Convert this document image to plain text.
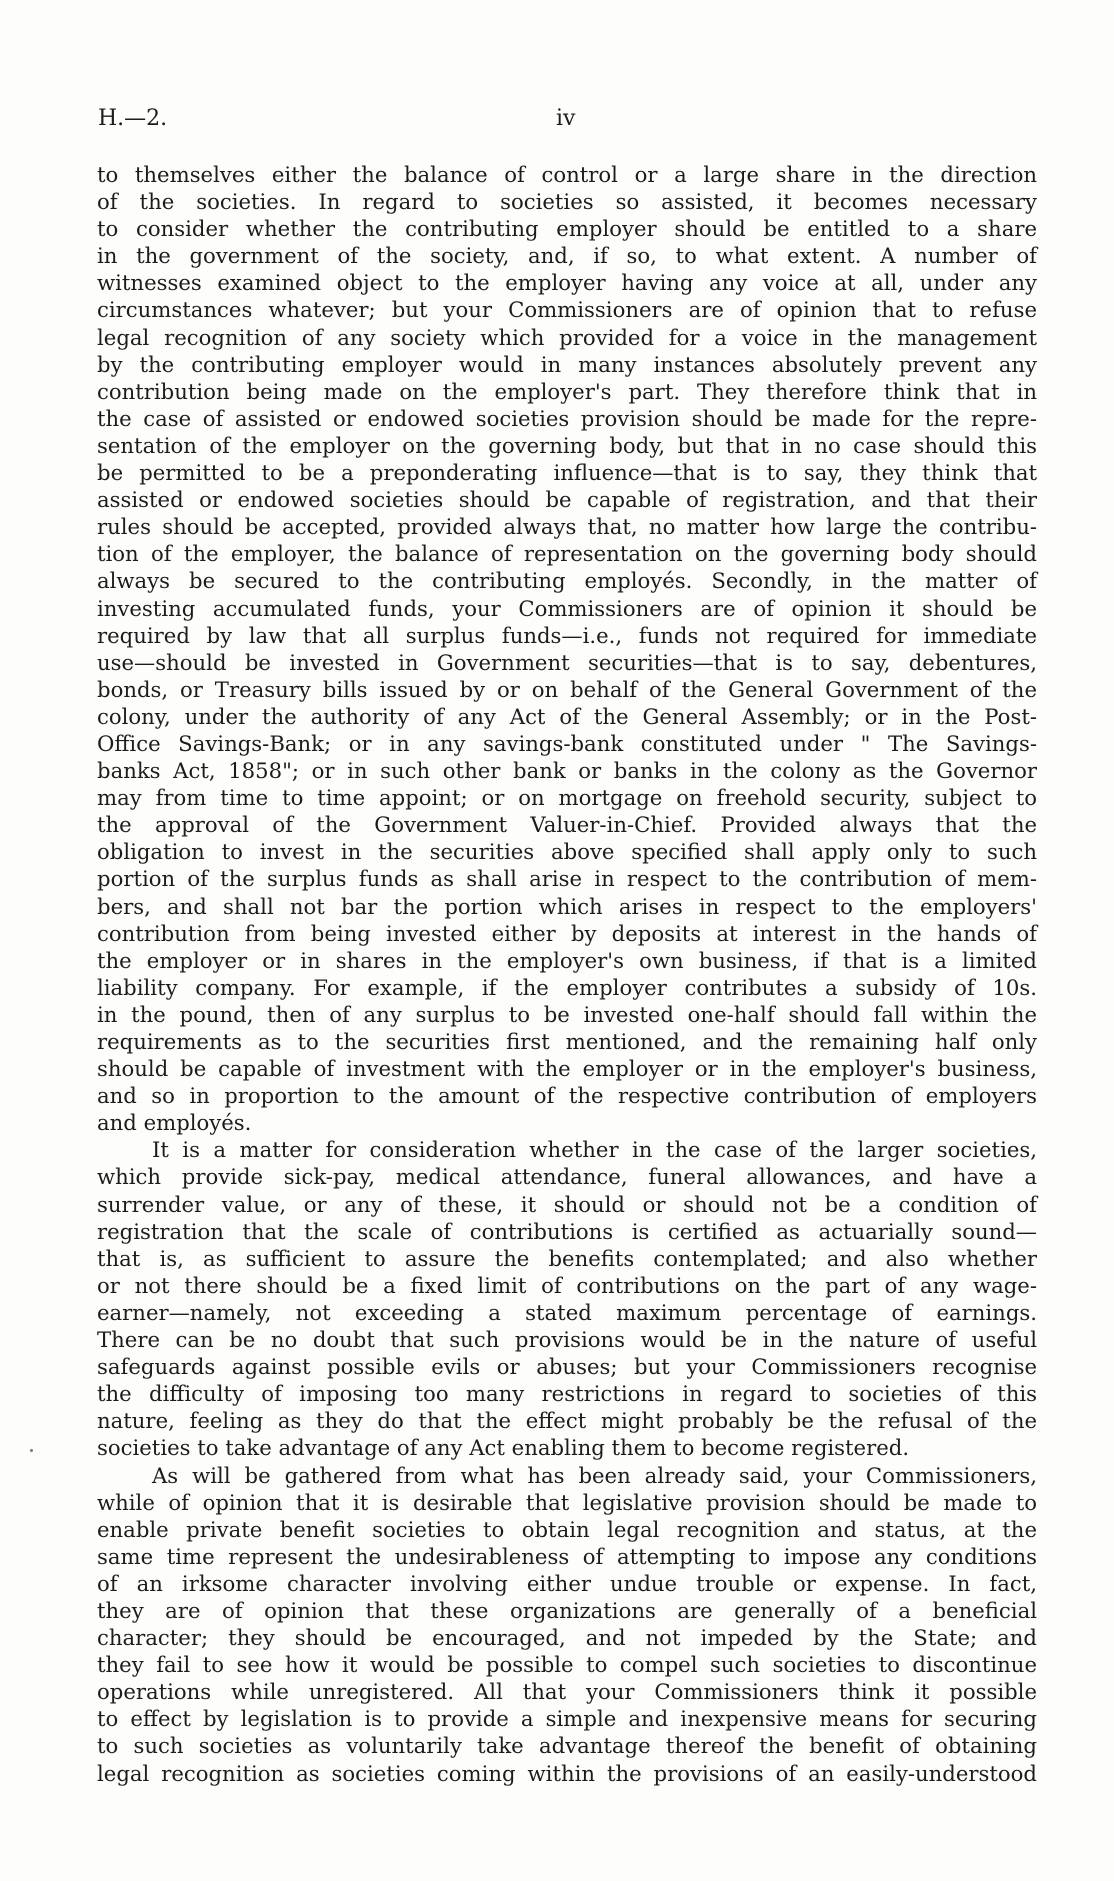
H.—2.	iv
to themselves either the balance of control or a large share in the direction
of the societies. In regard to societies so assisted, it becomes necessary
to consider whether the contributing employer should be entitled to a share
in the government of the society, and, if so, to what extent. A number of
witnesses examined object to the employer having any voice at all, under any
circumstances whatever; but your Commissioners are of opinion that to refuse
legal recognition of any society which provided for a voice in the management
by the contributing employer would in many instances absolutely prevent any
contribution being made on the employer's part. They therefore think that in
the case of assisted or endowed societies provision should be made for the repre-
sentation of the employer on the governing body, but that in no case should this
be permitted to be a preponderating influence—that is to say, they think that
assisted or endowed societies should be capable of registration, and that their
rules should be accepted, provided always that, no matter how large the contribu-
tion of the employer, the balance of representation on the governing body should
always be secured to the contributing employés. Secondly, in the matter of
investing accumulated funds, your Commissioners are of opinion it should be
required by law that all surplus funds—i.e., funds not required for immediate
use—should be invested in Government securities—that is to say, debentures,
bonds, or Treasury bills issued by or on behalf of the General Government of the
colony, under the authority of any Act of the General Assembly; or in the Post-
Office Savings-Bank; or in any savings-bank constituted under " The Savings-
banks Act, 1858"; or in such other bank or banks in the colony as the Governor
may from time to time appoint; or on mortgage on freehold security, subject to
the approval of the Government Valuer-in-Chief. Provided always that the
obligation to invest in the securities above specified shall apply only to such
portion of the surplus funds as shall arise in respect to the contribution of mem-
bers, and shall not bar the portion which arises in respect to the employers'
contribution from being invested either by deposits at interest in the hands of
the employer or in shares in the employer's own business, if that is a limited
liability company. For example, if the employer contributes a subsidy of 10s.
in the pound, then of any surplus to be invested one-half should fall within the
requirements as to the securities first mentioned, and the remaining half only
should be capable of investment with the employer or in the employer's business,
and so in proportion to the amount of the respective contribution of employers
and employés.
It is a matter for consideration whether in the case of the larger societies,
which provide sick-pay, medical attendance, funeral allowances, and have a
surrender value, or any of these, it should or should not be a condition of
registration that the scale of contributions is certified as actuarially sound—
that is, as sufficient to assure the benefits contemplated; and also whether
or not there should be a fixed limit of contributions on the part of any wage-
earner—namely, not exceeding a stated maximum percentage of earnings.
There can be no doubt that such provisions would be in the nature of useful
safeguards against possible evils or abuses; but your Commissioners recognise
the difficulty of imposing too many restrictions in regard to societies of this
nature, feeling as they do that the effect might probably be the refusal of the
societies to take advantage of any Act enabling them to become registered.
As will be gathered from what has been already said, your Commissioners,
while of opinion that it is desirable that legislative provision should be made to
enable private benefit societies to obtain legal recognition and status, at the
same time represent the undesirableness of attempting to impose any conditions
of an irksome character involving either undue trouble or expense. In fact,
they are of opinion that these organizations are generally of a beneficial
character; they should be encouraged, and not impeded by the State; and
they fail to see how it would be possible to compel such societies to discontinue
operations while unregistered. All that your Commissioners think it possible
to effect by legislation is to provide a simple and inexpensive means for securing
to such societies as voluntarily take advantage thereof the benefit of obtaining
legal recognition as societies coming within the provisions of an easily-understood
